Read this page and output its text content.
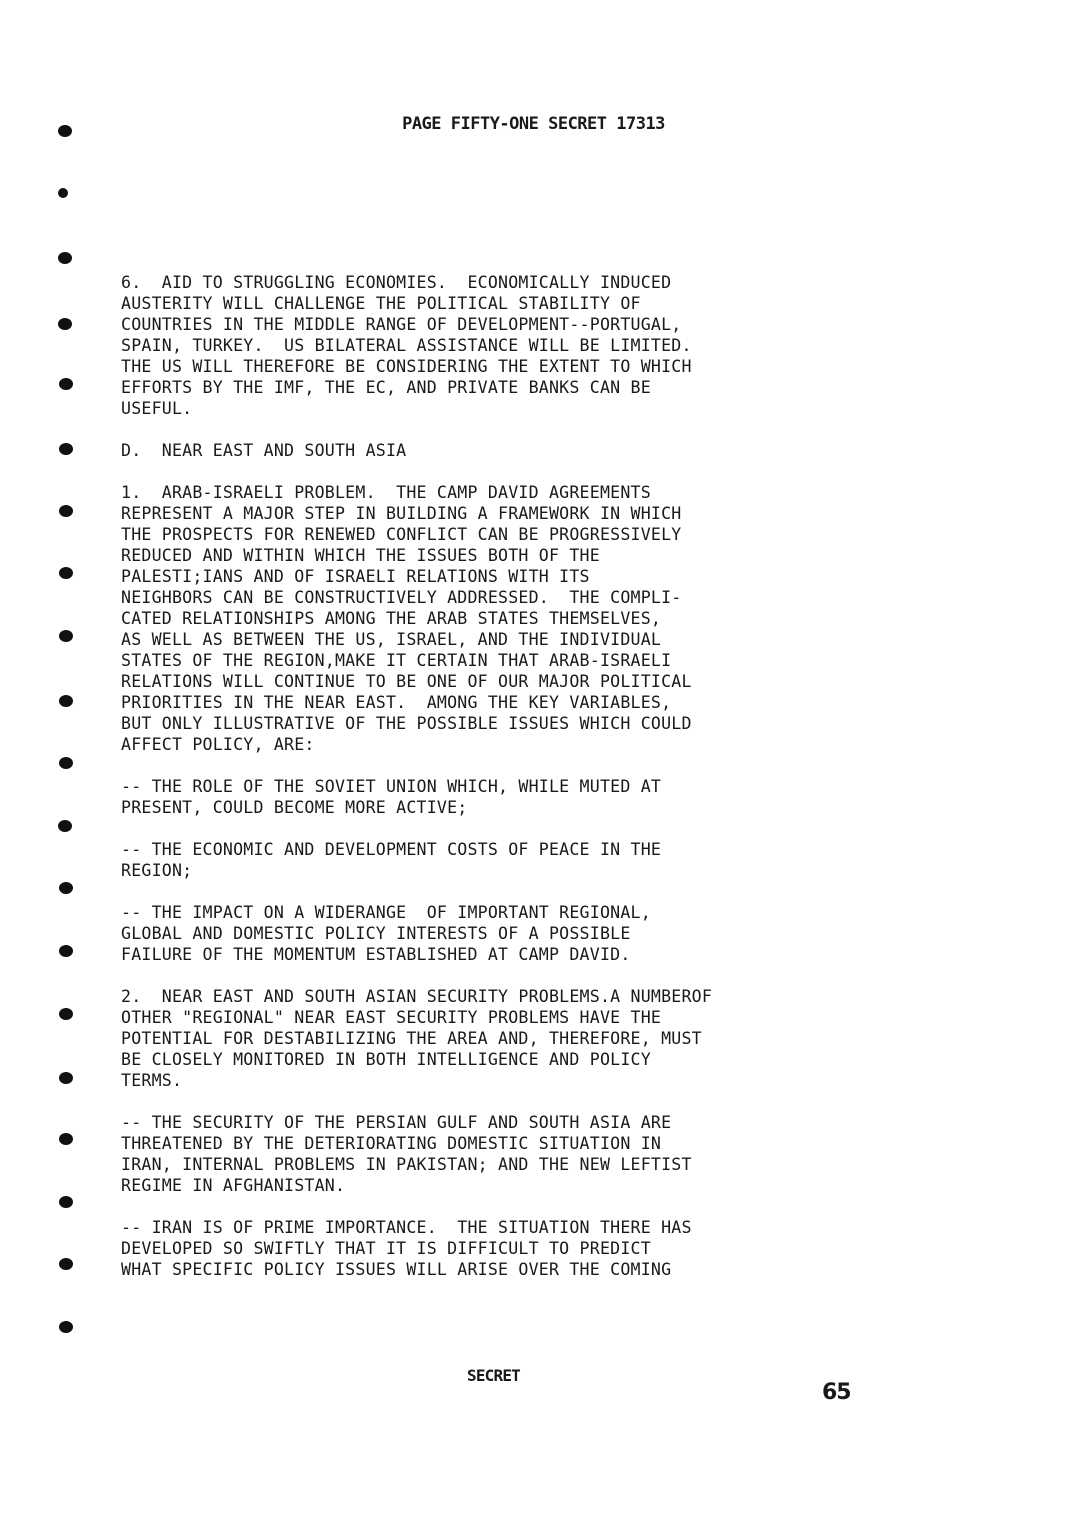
PAGE FIFTY-ONE SECRET 17313

6.  AID TO STRUGGLING ECONOMIES.  ECONOMICALLY INDUCED
AUSTERITY WILL CHALLENGE THE POLITICAL STABILITY OF
COUNTRIES IN THE MIDDLE RANGE OF DEVELOPMENT--PORTUGAL,
SPAIN, TURKEY.  US BILATERAL ASSISTANCE WILL BE LIMITED.
THE US WILL THEREFORE BE CONSIDERING THE EXTENT TO WHICH
EFFORTS BY THE IMF, THE EC, AND PRIVATE BANKS CAN BE
USEFUL.

D.  NEAR EAST AND SOUTH ASIA

1.  ARAB-ISRAELI PROBLEM.  THE CAMP DAVID AGREEMENTS
REPRESENT A MAJOR STEP IN BUILDING A FRAMEWORK IN WHICH
THE PROSPECTS FOR RENEWED CONFLICT CAN BE PROGRESSIVELY
REDUCED AND WITHIN WHICH THE ISSUES BOTH OF THE
PALESTI;IANS AND OF ISRAELI RELATIONS WITH ITS
NEIGHBORS CAN BE CONSTRUCTIVELY ADDRESSED.  THE COMPLI-
CATED RELATIONSHIPS AMONG THE ARAB STATES THEMSELVES,
AS WELL AS BETWEEN THE US, ISRAEL, AND THE INDIVIDUAL
STATES OF THE REGION,MAKE IT CERTAIN THAT ARAB-ISRAELI
RELATIONS WILL CONTINUE TO BE ONE OF OUR MAJOR POLITICAL
PRIORITIES IN THE NEAR EAST.  AMONG THE KEY VARIABLES,
BUT ONLY ILLUSTRATIVE OF THE POSSIBLE ISSUES WHICH COULD
AFFECT POLICY, ARE:

-- THE ROLE OF THE SOVIET UNION WHICH, WHILE MUTED AT
PRESENT, COULD BECOME MORE ACTIVE;

-- THE ECONOMIC AND DEVELOPMENT COSTS OF PEACE IN THE
REGION;

-- THE IMPACT ON A WIDERANGE  OF IMPORTANT REGIONAL,
GLOBAL AND DOMESTIC POLICY INTERESTS OF A POSSIBLE
FAILURE OF THE MOMENTUM ESTABLISHED AT CAMP DAVID.

2.  NEAR EAST AND SOUTH ASIAN SECURITY PROBLEMS.A NUMBEROF
OTHER "REGIONAL" NEAR EAST SECURITY PROBLEMS HAVE THE
POTENTIAL FOR DESTABILIZING THE AREA AND, THEREFORE, MUST
BE CLOSELY MONITORED IN BOTH INTELLIGENCE AND POLICY
TERMS.

-- THE SECURITY OF THE PERSIAN GULF AND SOUTH ASIA ARE
THREATENED BY THE DETERIORATING DOMESTIC SITUATION IN
IRAN, INTERNAL PROBLEMS IN PAKISTAN; AND THE NEW LEFTIST
REGIME IN AFGHANISTAN.

-- IRAN IS OF PRIME IMPORTANCE.  THE SITUATION THERE HAS
DEVELOPED SO SWIFTLY THAT IT IS DIFFICULT TO PREDICT
WHAT SPECIFIC POLICY ISSUES WILL ARISE OVER THE COMING

SECRET
65
